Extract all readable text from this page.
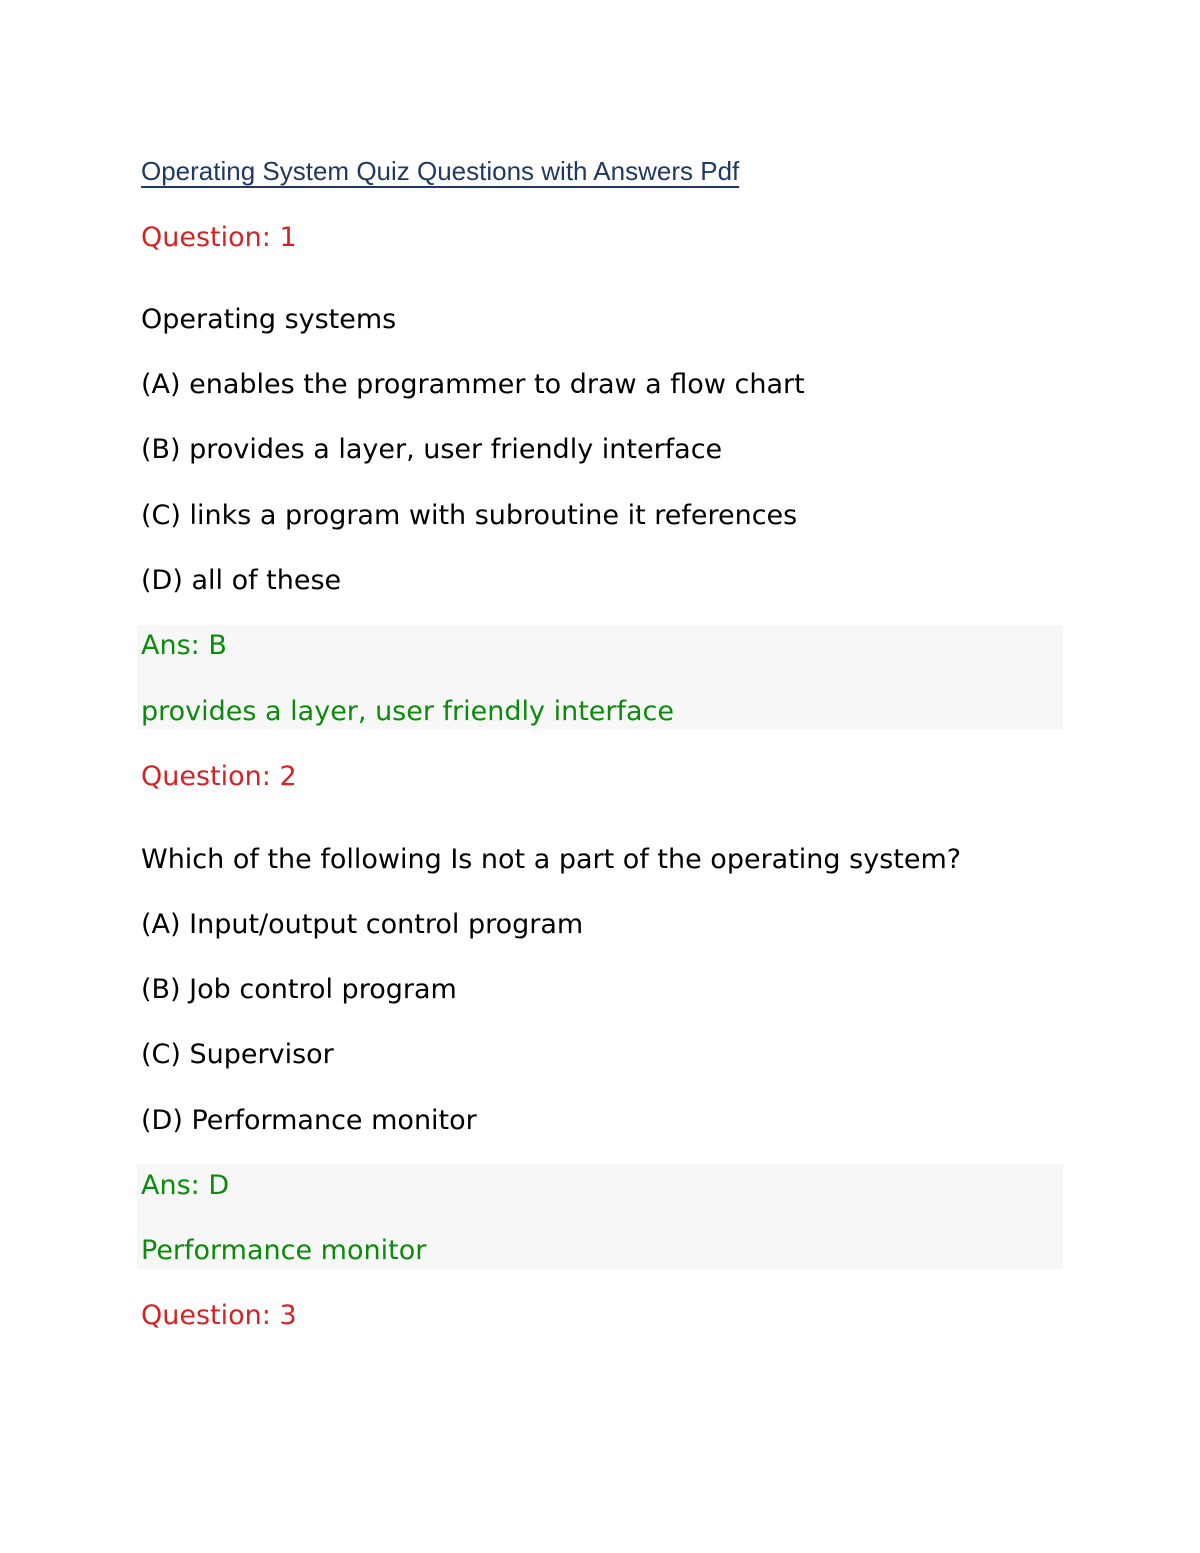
Operating System Quiz Questions with Answers Pdf
Question: 1
Operating systems
(A) enables the programmer to draw a flow chart
(B) provides a layer, user friendly interface
(C) links a program with subroutine it references
(D) all of these
Ans: B
provides a layer, user friendly interface
Question: 2
Which of the following Is not a part of the operating system?
(A) Input/output control program
(B) Job control program
(C) Supervisor
(D) Performance monitor
Ans: D
Performance monitor
Question: 3
